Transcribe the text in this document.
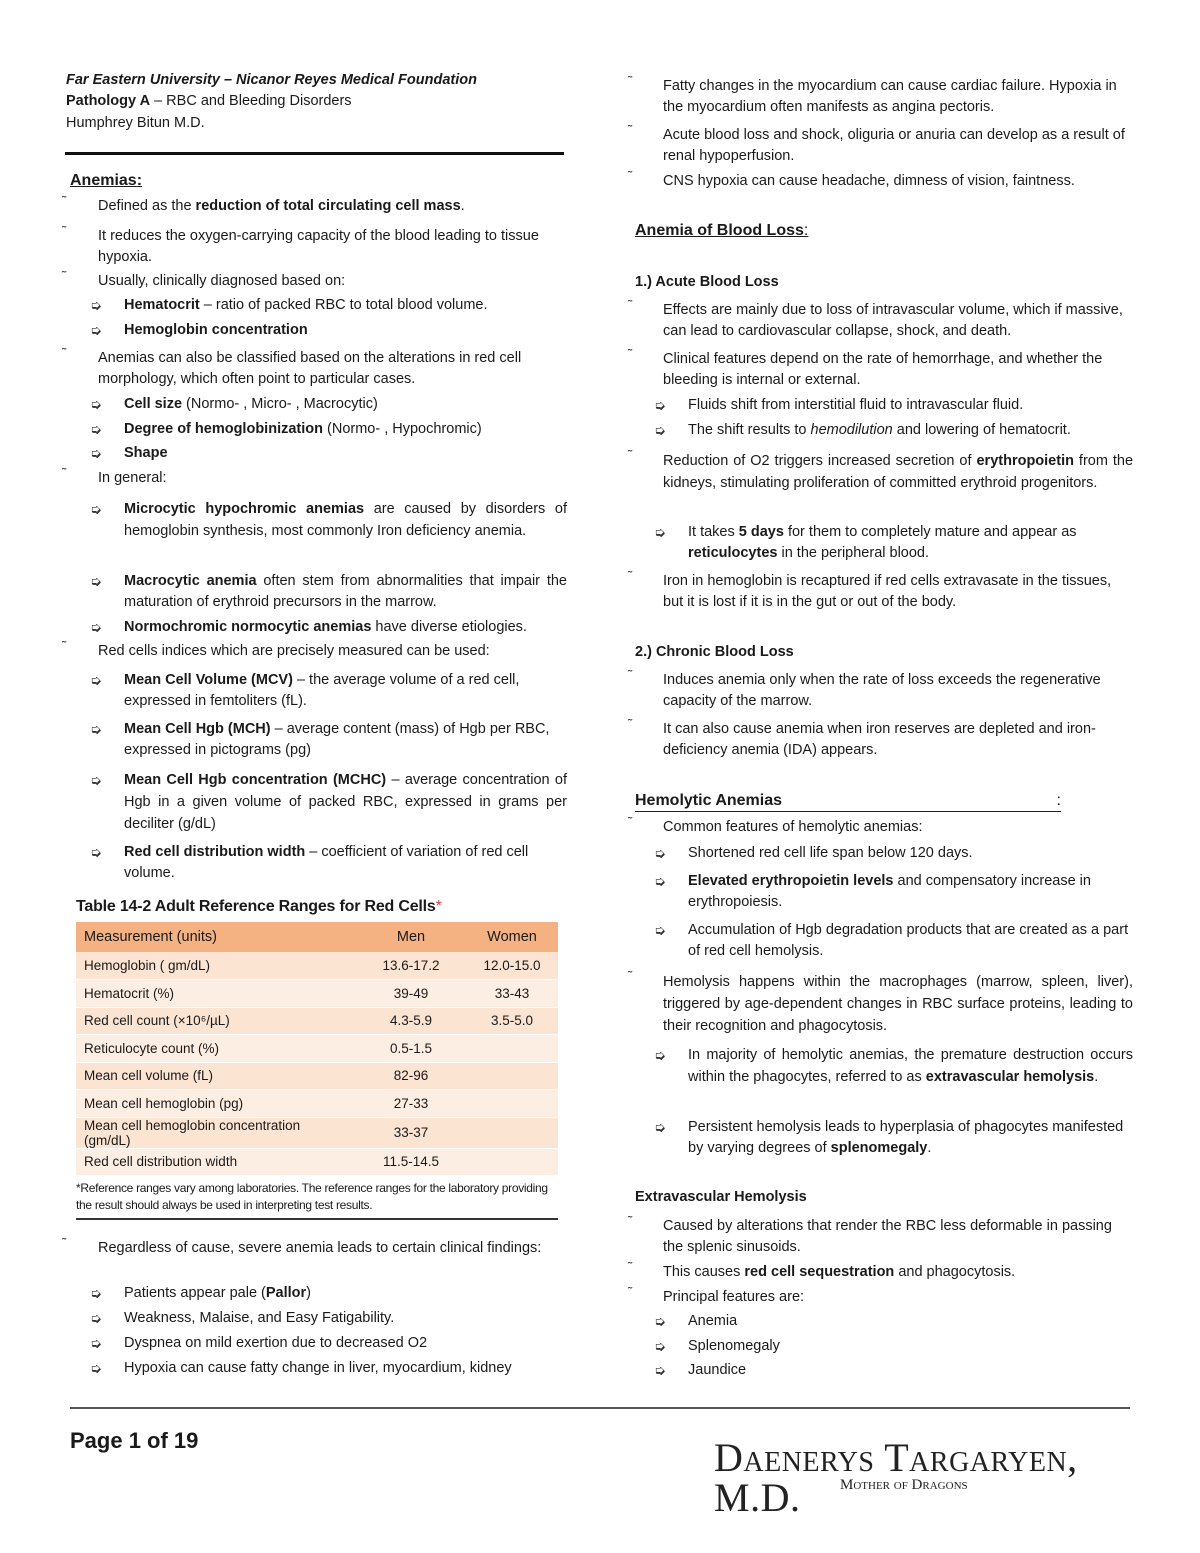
Far Eastern University – Nicanor Reyes Medical Foundation
Pathology A – RBC and Bleeding Disorders
Humphrey Bitun M.D.
Anemias:
˜ Defined as the reduction of total circulating cell mass.
˜ It reduces the oxygen-carrying capacity of the blood leading to tissue hypoxia.
˜ Usually, clinically diagnosed based on:
➭ Hematocrit – ratio of packed RBC to total blood volume.
➭ Hemoglobin concentration
˜ Anemias can also be classified based on the alterations in red cell morphology, which often point to particular cases.
➭ Cell size (Normo- , Micro- , Macrocytic)
➭ Degree of hemoglobinization (Normo- , Hypochromic)
➭ Shape
˜ In general:
➭ Microcytic hypochromic anemias are caused by disorders of hemoglobin synthesis, most commonly Iron deficiency anemia.
➭ Macrocytic anemia often stem from abnormalities that impair the maturation of erythroid precursors in the marrow.
➭ Normochromic normocytic anemias have diverse etiologies.
˜ Red cells indices which are precisely measured can be used:
➭ Mean Cell Volume (MCV) – the average volume of a red cell, expressed in femtoliters (fL).
➭ Mean Cell Hgb (MCH) – average content (mass) of Hgb per RBC, expressed in pictograms (pg)
➭ Mean Cell Hgb concentration (MCHC) – average concentration of Hgb in a given volume of packed RBC, expressed in grams per deciliter (g/dL)
➭ Red cell distribution width – coefficient of variation of red cell volume.
Table 14-2 Adult Reference Ranges for Red Cells*
Measurement (units)	Men	Women
Hemoglobin ( gm/dL)	13.6-17.2	12.0-15.0
Hematocrit (%)	39-49	33-43
Red cell count (×10⁶/µL)	4.3-5.9	3.5-5.0
Reticulocyte count (%)	0.5-1.5	
Mean cell volume (fL)	82-96	
Mean cell hemoglobin (pg)	27-33	
Mean cell hemoglobin concentration (gm/dL)	33-37	
Red cell distribution width	11.5-14.5	
*Reference ranges vary among laboratories. The reference ranges for the laboratory providing the result should always be used in interpreting test results.
˜ Regardless of cause, severe anemia leads to certain clinical findings:
➭ Patients appear pale (Pallor)
➭ Weakness, Malaise, and Easy Fatigability.
➭ Dyspnea on mild exertion due to decreased O2
➭ Hypoxia can cause fatty change in liver, myocardium, kidney
˜ Fatty changes in the myocardium can cause cardiac failure. Hypoxia in the myocardium often manifests as angina pectoris.
˜ Acute blood loss and shock, oliguria or anuria can develop as a result of renal hypoperfusion.
˜ CNS hypoxia can cause headache, dimness of vision, faintness.
Anemia of Blood Loss:
1.) Acute Blood Loss
˜ Effects are mainly due to loss of intravascular volume, which if massive, can lead to cardiovascular collapse, shock, and death.
˜ Clinical features depend on the rate of hemorrhage, and whether the bleeding is internal or external.
➭ Fluids shift from interstitial fluid to intravascular fluid.
➭ The shift results to hemodilution and lowering of hematocrit.
˜ Reduction of O2 triggers increased secretion of erythropoietin from the kidneys, stimulating proliferation of committed erythroid progenitors.
➭ It takes 5 days for them to completely mature and appear as reticulocytes in the peripheral blood.
˜ Iron in hemoglobin is recaptured if red cells extravasate in the tissues, but it is lost if it is in the gut or out of the body.
2.) Chronic Blood Loss
˜ Induces anemia only when the rate of loss exceeds the regenerative capacity of the marrow.
˜ It can also cause anemia when iron reserves are depleted and iron-deficiency anemia (IDA) appears.
Hemolytic Anemias	:
˜ Common features of hemolytic anemias:
➭ Shortened red cell life span below 120 days.
➭ Elevated erythropoietin levels and compensatory increase in erythropoiesis.
➭ Accumulation of Hgb degradation products that are created as a part of red cell hemolysis.
˜ Hemolysis happens within the macrophages (marrow, spleen, liver), triggered by age-dependent changes in RBC surface proteins, leading to their recognition and phagocytosis.
➭ In majority of hemolytic anemias, the premature destruction occurs within the phagocytes, referred to as extravascular hemolysis.
➭ Persistent hemolysis leads to hyperplasia of phagocytes manifested by varying degrees of splenomegaly.
Extravascular Hemolysis
˜ Caused by alterations that render the RBC less deformable in passing the splenic sinusoids.
˜ This causes red cell sequestration and phagocytosis.
˜ Principal features are:
➭ Anemia
➭ Splenomegaly
➭ Jaundice
Page 1 of 19	Daenerys Targaryen, M.D.	Mother of Dragons
